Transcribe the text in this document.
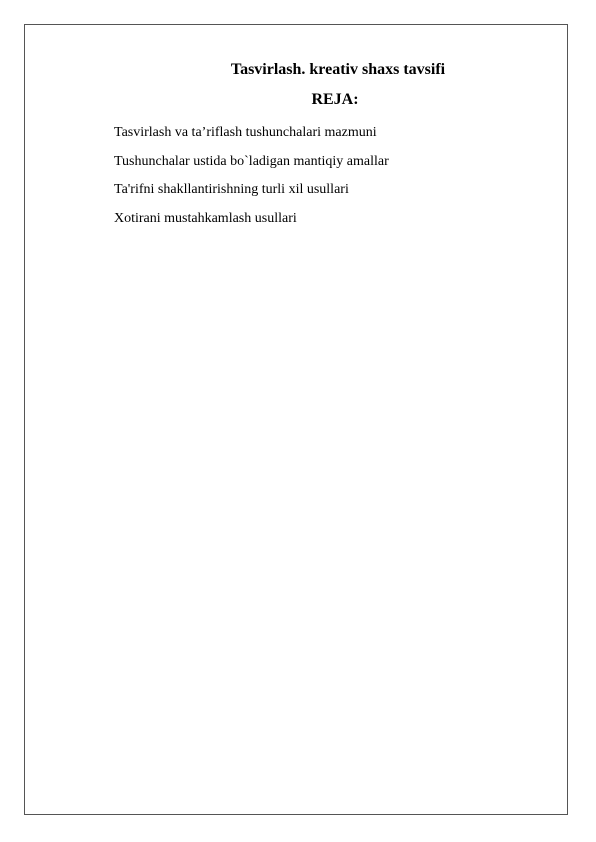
Tasvirlash. kreativ shaxs tavsifi
REJA:
Tasvirlash va ta’riflash tushunchalari mazmuni
Tushunchalar ustida bo`ladigan mantiqiy amallar
Ta'rifni shakllantirishning turli xil usullari
Xotirani mustahkamlash usullari
